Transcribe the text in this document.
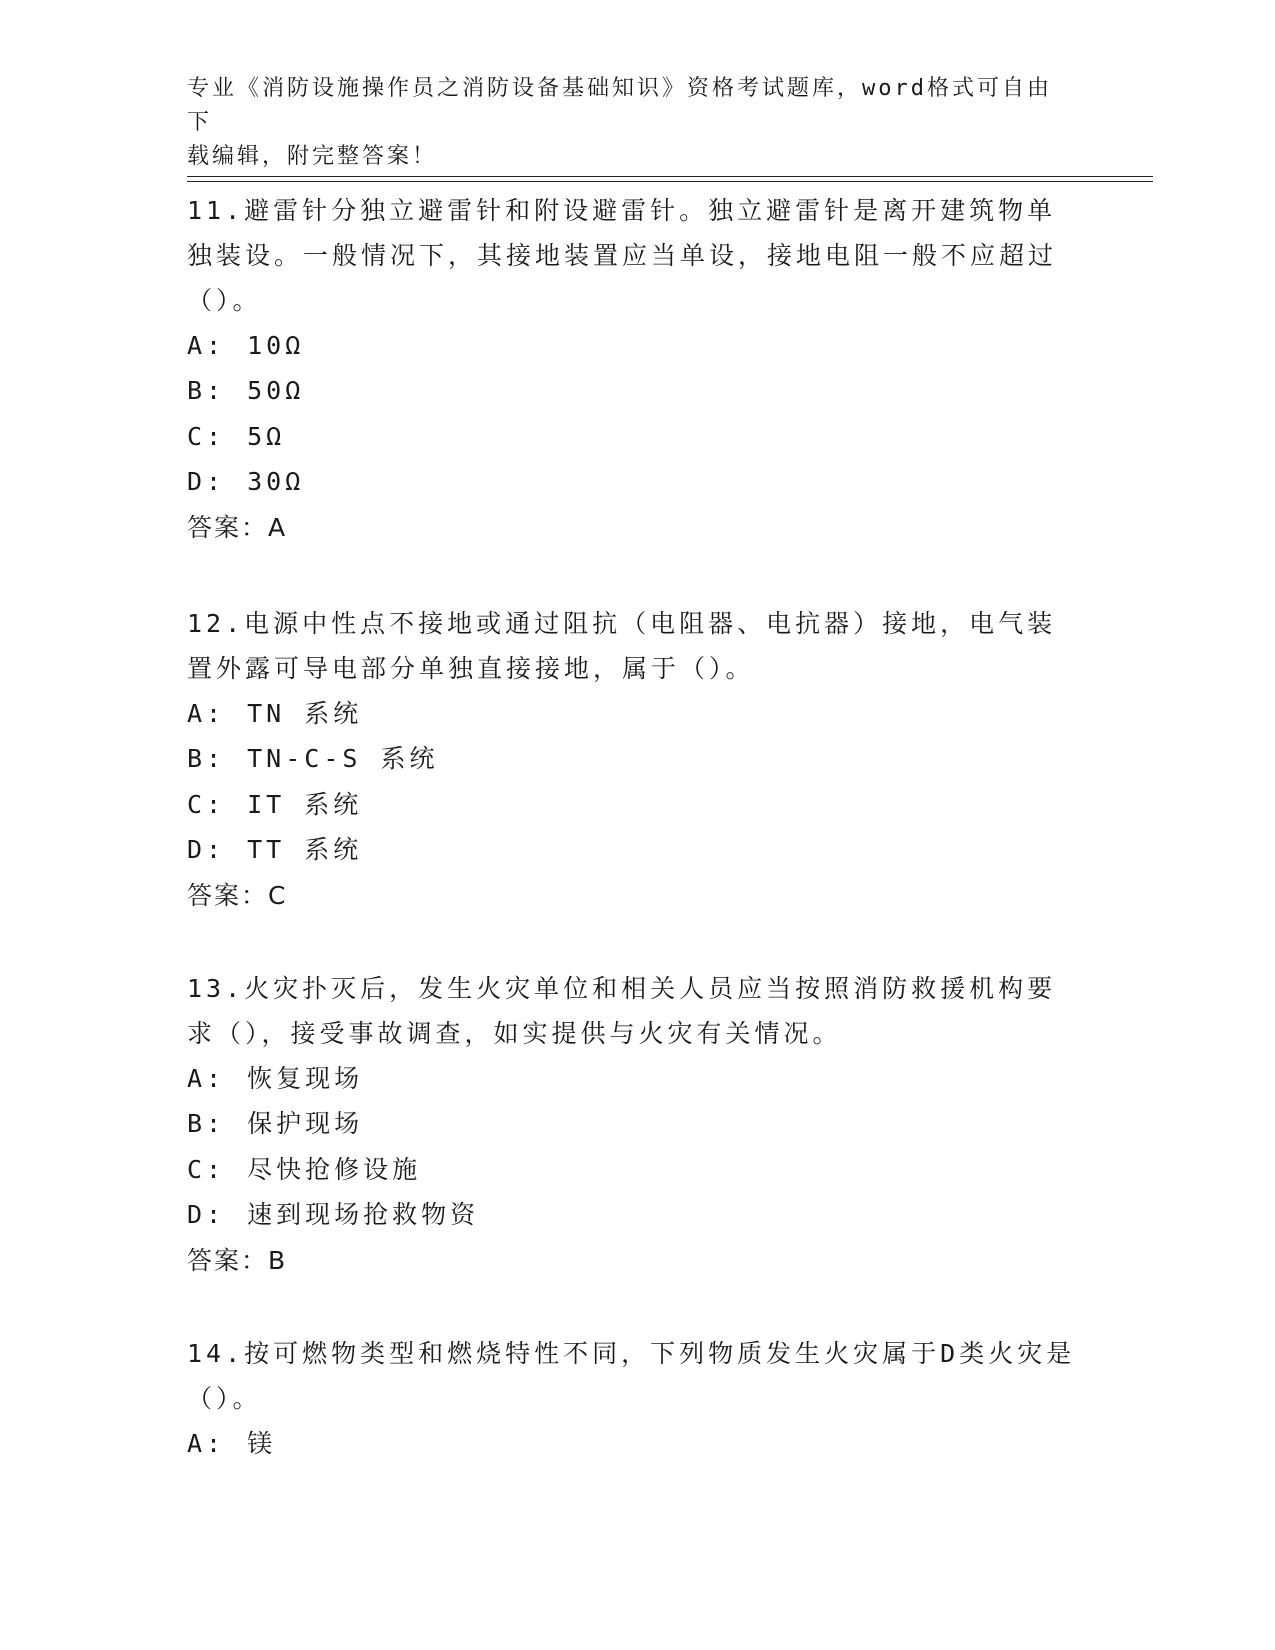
专业《消防设施操作员之消防设备基础知识》资格考试题库，word格式可自由下
载编辑，附完整答案！

11.避雷针分独立避雷针和附设避雷针。独立避雷针是离开建筑物单独装设。一般情况下，其接地装置应当单设，接地电阻一般不应超过（）。

A: 10Ω
B: 50Ω
C: 5Ω
D: 30Ω
答案：A

12.电源中性点不接地或通过阻抗（电阻器、电抗器）接地，电气装置外露可导电部分单独直接接地，属于（）。

A: TN 系统
B: TN-C-S 系统
C: IT 系统
D: TT 系统
答案：C

13.火灾扑灭后，发生火灾单位和相关人员应当按照消防救援机构要求（），接受事故调查，如实提供与火灾有关情况。

A: 恢复现场
B: 保护现场
C: 尽快抢修设施
D: 速到现场抢救物资
答案：B

14.按可燃物类型和燃烧特性不同，下列物质发生火灾属于D类火灾是（）。

A: 镁
